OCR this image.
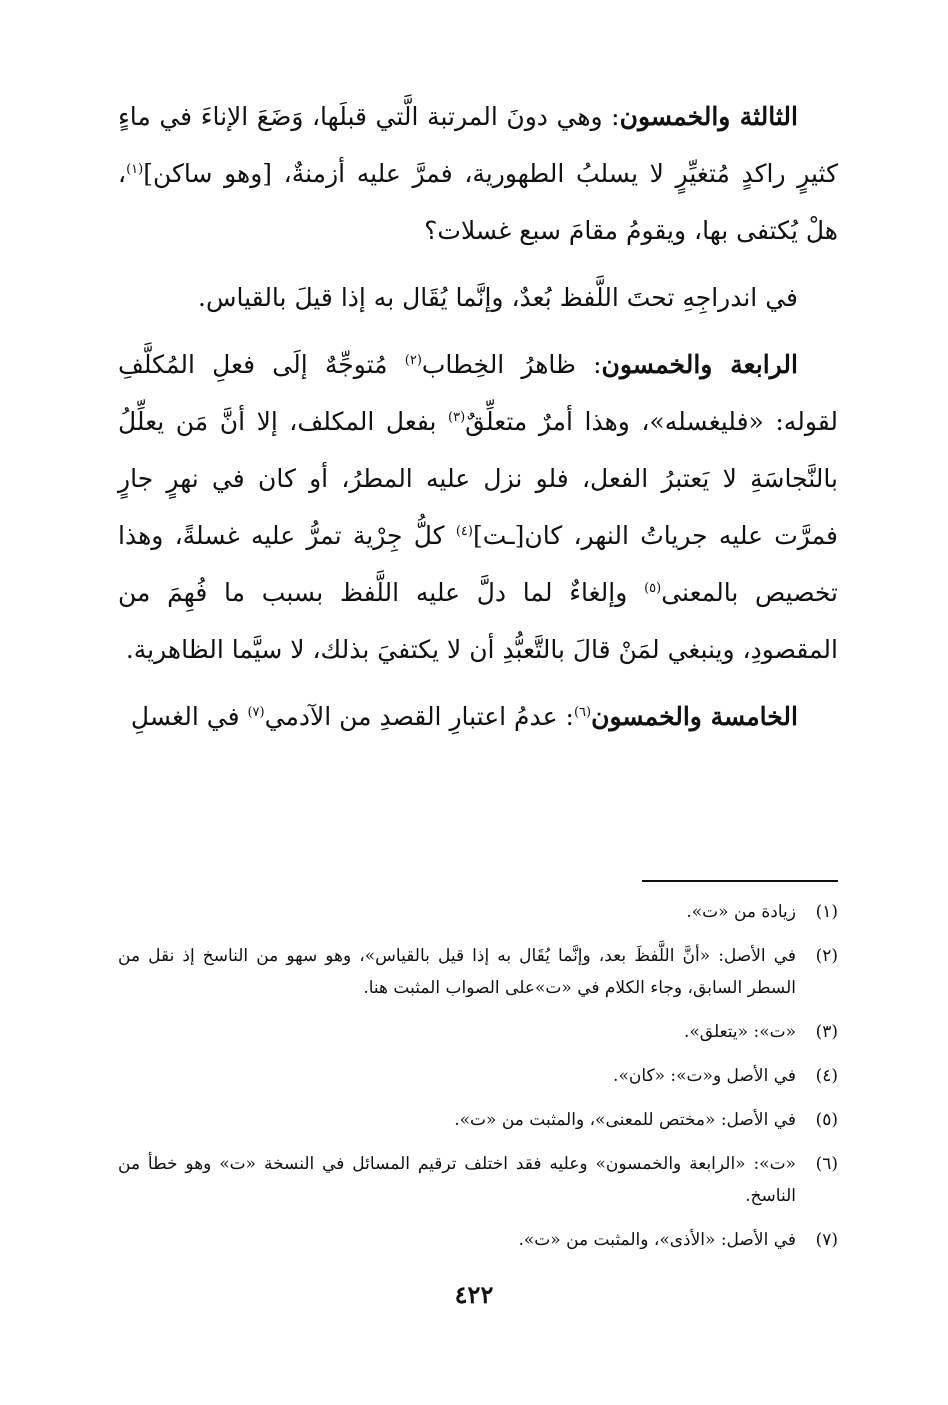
الثالثة والخمسون: وهي دونَ المرتبة الَّتي قبلَها، وَضَعَ الإناءَ في ماءٍ كثيرٍ راكدٍ مُتغيِّرٍ لا يسلبُ الطهورية، فمرَّ عليه أزمنةٌ، [وهو ساكن]$^{(١)}$، هلْ يُكتفى بها، ويقومُ مقامَ سبع غسلات؟

في اندراجِهِ تحتَ اللَّفظ بُعدٌ، وإنَّما يُقَال به إذا قيلَ بالقياس.

الرابعة والخمسون: ظاهرُ الخِطاب$^{(٢)}$ مُتوجِّهٌ إلَى فعلِ المُكلَّفِ لقوله: «فليغسله»، وهذا أمرٌ متعلِّقٌ$^{(٣)}$ بفعل المكلف، إلا أنَّ مَن يعلِّلُ بالنَّجاسَةِ لا يَعتبرُ الفعل، فلو نزل عليه المطرُ، أو كان في نهرٍ جارٍ فمرَّت عليه جرياتُ النهر، كان[ـت]$^{(٤)}$ كلُّ جِرْية تمرُّ عليه غسلةً، وهذا تخصيص بالمعنى$^{(٥)}$ وإلغاءٌ لما دلَّ عليه اللَّفظ بسبب ما فُهِمَ من المقصودِ، وينبغي لمَنْ قالَ بالتَّعبُّدِ أن لا يكتفيَ بذلك، لا سيَّما الظاهرية.

الخامسة والخمسون$^{(٦)}$: عدمُ اعتبارِ القصدِ من الآدمي$^{(٧)}$ في الغسلِ

(١)
زيادة من «ت».
(٢)
في الأصل: «أنَّ اللَّفظَ بعد، وإنَّما يُقَال به إذا قيل بالقياس»، وهو سهو من الناسخ إذ نقل من السطر السابق، وجاء الكلام في «ت»على الصواب المثبت هنا.
(٣)
«ت»: «يتعلق».
(٤)
في الأصل و«ت»: «كان».
(٥)
في الأصل: «مختص للمعنى»، والمثبت من «ت».
(٦)
«ت»: «الرابعة والخمسون» وعليه فقد اختلف ترقيم المسائل في النسخة «ت» وهو خطأ من الناسخ.
(٧)
في الأصل: «الأذى»، والمثبت من «ت».
٤٢٢
